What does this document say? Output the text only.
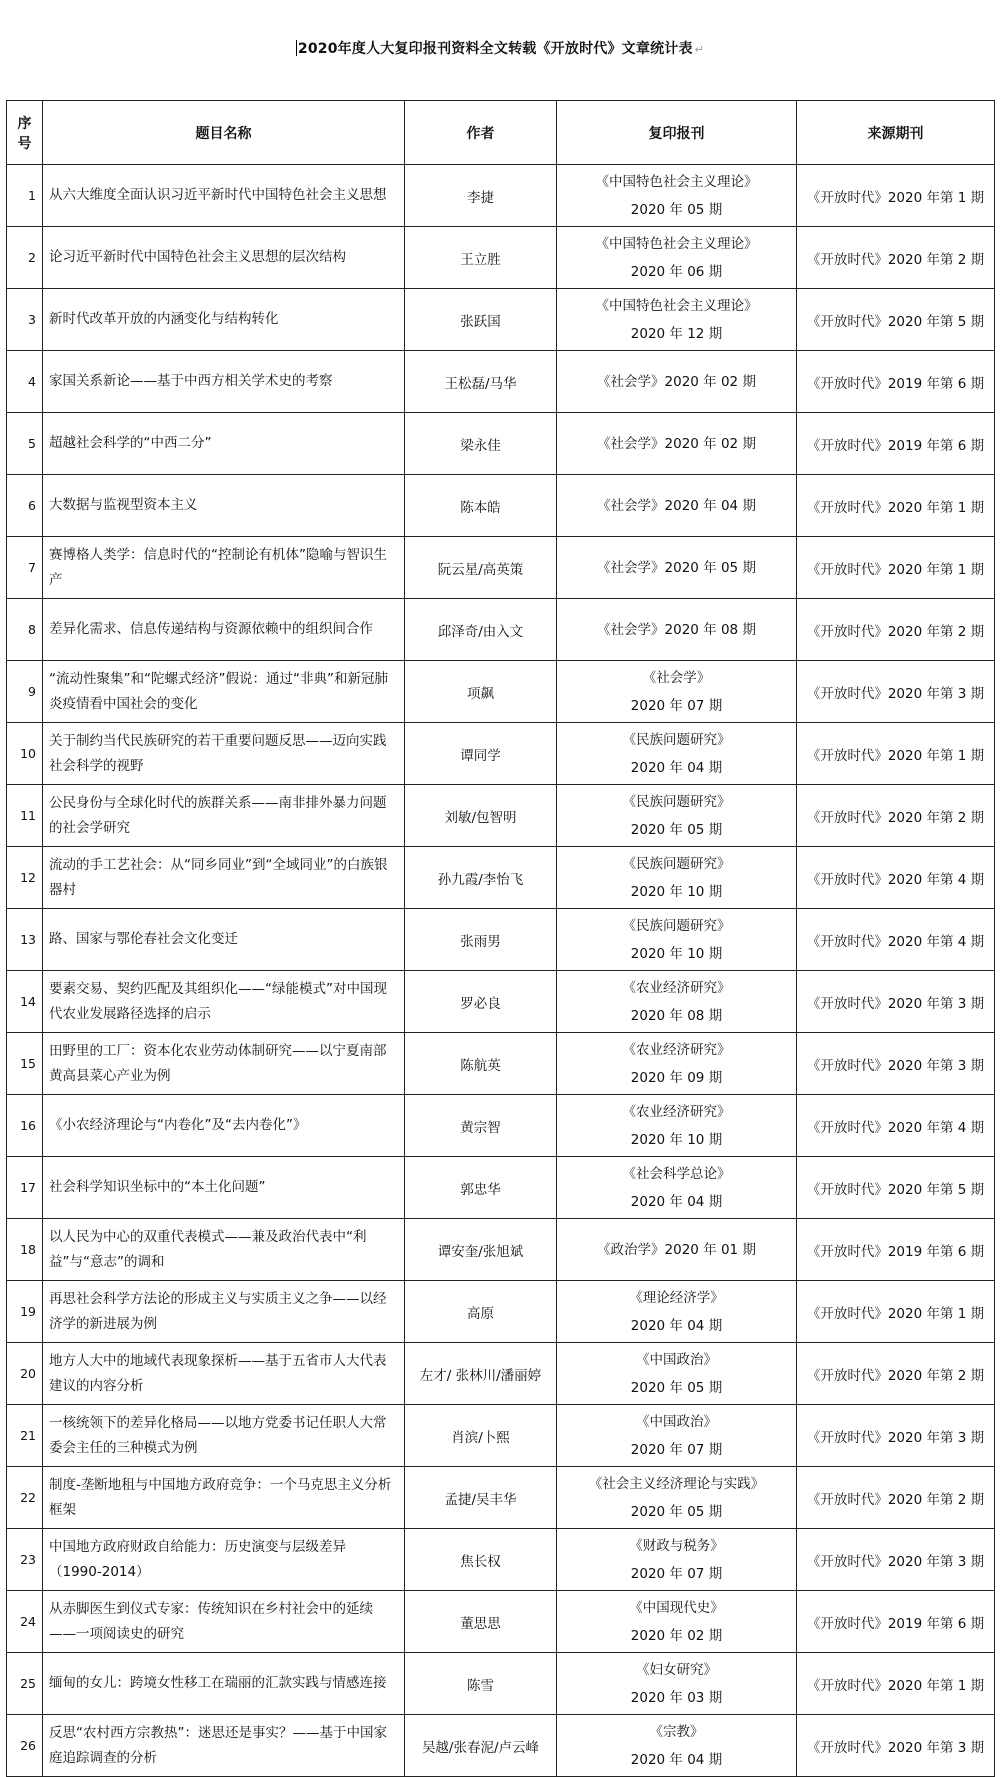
2020年度人大复印报刊资料全文转载《开放时代》文章统计表 ↵
序号	题目名称	作者	复印报刊	来源期刊
1	从六大维度全面认识习近平新时代中国特色社会主义思想	李捷	《中国特色社会主义理论》
2020 年 05 期	《开放时代》2020 年第 1 期
2	论习近平新时代中国特色社会主义思想的层次结构	王立胜	《中国特色社会主义理论》
2020 年 06 期	《开放时代》2020 年第 2 期
3	新时代改革开放的内涵变化与结构转化	张跃国	《中国特色社会主义理论》
2020 年 12 期	《开放时代》2020 年第 5 期
4	家国关系新论——基于中西方相关学术史的考察	王松磊/马华	《社会学》2020 年 02 期	《开放时代》2019 年第 6 期
5	超越社会科学的“中西二分”	梁永佳	《社会学》2020 年 02 期	《开放时代》2019 年第 6 期
6	大数据与监视型资本主义	陈本皓	《社会学》2020 年 04 期	《开放时代》2020 年第 1 期
7	赛博格人类学：信息时代的“控制论有机体”隐喻与智识生产	阮云星/高英策	《社会学》2020 年 05 期	《开放时代》2020 年第 1 期
8	差异化需求、信息传递结构与资源依赖中的组织间合作	邱泽奇/由入文	《社会学》2020 年 08 期	《开放时代》2020 年第 2 期
9	“流动性聚集”和“陀螺式经济”假说：通过“非典”和新冠肺炎疫情看中国社会的变化	项飙	《社会学》
2020 年 07 期	《开放时代》2020 年第 3 期
10	关于制约当代民族研究的若干重要问题反思——迈向实践社会科学的视野	谭同学	《民族问题研究》
2020 年 04 期	《开放时代》2020 年第 1 期
11	公民身份与全球化时代的族群关系——南非排外暴力问题的社会学研究	刘敏/包智明	《民族问题研究》
2020 年 05 期	《开放时代》2020 年第 2 期
12	流动的手工艺社会：从“同乡同业”到“全域同业”的白族银器村	孙九霞/李怡飞	《民族问题研究》
2020 年 10 期	《开放时代》2020 年第 4 期
13	路、国家与鄂伦春社会文化变迁	张雨男	《民族问题研究》
2020 年 10 期	《开放时代》2020 年第 4 期
14	要素交易、契约匹配及其组织化——“绿能模式”对中国现代农业发展路径选择的启示	罗必良	《农业经济研究》
2020 年 08 期	《开放时代》2020 年第 3 期
15	田野里的工厂：资本化农业劳动体制研究——以宁夏南部黄高县菜心产业为例	陈航英	《农业经济研究》
2020 年 09 期	《开放时代》2020 年第 3 期
16	《小农经济理论与“内卷化”及“去内卷化”》	黄宗智	《农业经济研究》
2020 年 10 期	《开放时代》2020 年第 4 期
17	社会科学知识坐标中的“本土化问题”	郭忠华	《社会科学总论》
2020 年 04 期	《开放时代》2020 年第 5 期
18	以人民为中心的双重代表模式——兼及政治代表中“利益”与“意志”的调和	谭安奎/张旭斌	《政治学》2020 年 01 期	《开放时代》2019 年第 6 期
19	再思社会科学方法论的形成主义与实质主义之争——以经济学的新进展为例	高原	《理论经济学》
2020 年 04 期	《开放时代》2020 年第 1 期
20	地方人大中的地域代表现象探析——基于五省市人大代表建议的内容分析	左才/ 张林川/潘丽婷	《中国政治》
2020 年 05 期	《开放时代》2020 年第 2 期
21	一核统领下的差异化格局——以地方党委书记任职人大常委会主任的三种模式为例	肖滨/卜熙	《中国政治》
2020 年 07 期	《开放时代》2020 年第 3 期
22	制度-垄断地租与中国地方政府竞争：一个马克思主义分析框架	孟捷/吴丰华	《社会主义经济理论与实践》
2020 年 05 期	《开放时代》2020 年第 2 期
23	中国地方政府财政自给能力：历史演变与层级差异（1990-2014）	焦长权	《财政与税务》
2020 年 07 期	《开放时代》2020 年第 3 期
24	从赤脚医生到仪式专家：传统知识在乡村社会中的延续——一项阅读史的研究	董思思	《中国现代史》
2020 年 02 期	《开放时代》2019 年第 6 期
25	缅甸的女儿：跨境女性移工在瑞丽的汇款实践与情感连接	陈雪	《妇女研究》
2020 年 03 期	《开放时代》2020 年第 1 期
26	反思“农村西方宗教热”：迷思还是事实？——基于中国家庭追踪调查的分析	吴越/张春泥/卢云峰	《宗教》
2020 年 04 期	《开放时代》2020 年第 3 期
